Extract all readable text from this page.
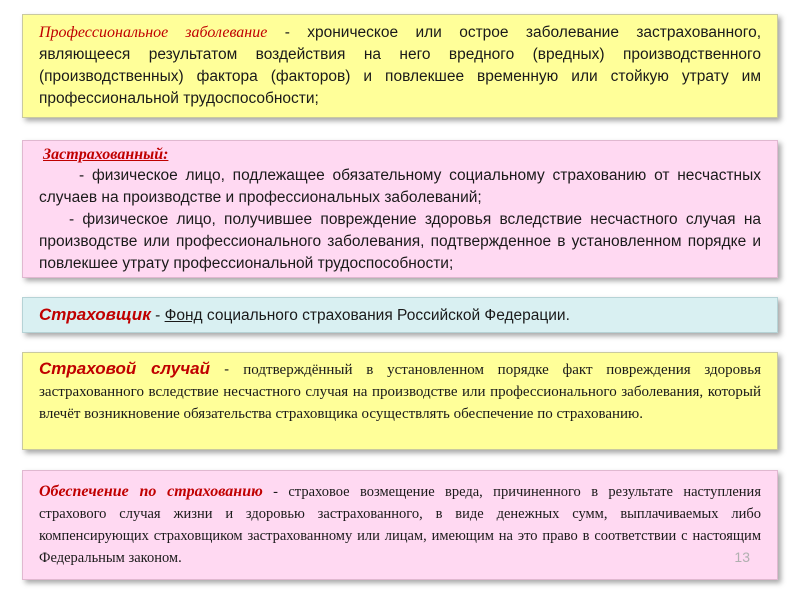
Профессиональное заболевание - хроническое или острое заболевание застрахованного, являющееся результатом воздействия на него вредного (вредных) производственного (производственных) фактора (факторов) и повлекшее временную или стойкую утрату им профессиональной трудоспособности;

Застрахованный:

- физическое лицо, подлежащее обязательному социальному страхованию от несчастных случаев на производстве и профессиональных заболеваний;

- физическое лицо, получившее повреждение здоровья вследствие несчастного случая на производстве или профессионального заболевания, подтвержденное в установленном порядке и повлекшее утрату профессиональной трудоспособности;

Страховщик - Фонд социального страхования Российской Федерации.

Страховой случай - подтверждённый в установленном порядке факт повреждения здоровья застрахованного вследствие несчастного случая на производстве или профессионального заболевания, который влечёт возникновение обязательства страховщика осуществлять обеспечение по страхованию.

Обеспечение по страхованию - страховое возмещение вреда, причиненного в результате наступления страхового случая жизни и здоровью застрахованного, в виде денежных сумм, выплачиваемых либо компенсирующих страховщиком застрахованному или лицам, имеющим на это право в соответствии с настоящим Федеральным законом.	13
